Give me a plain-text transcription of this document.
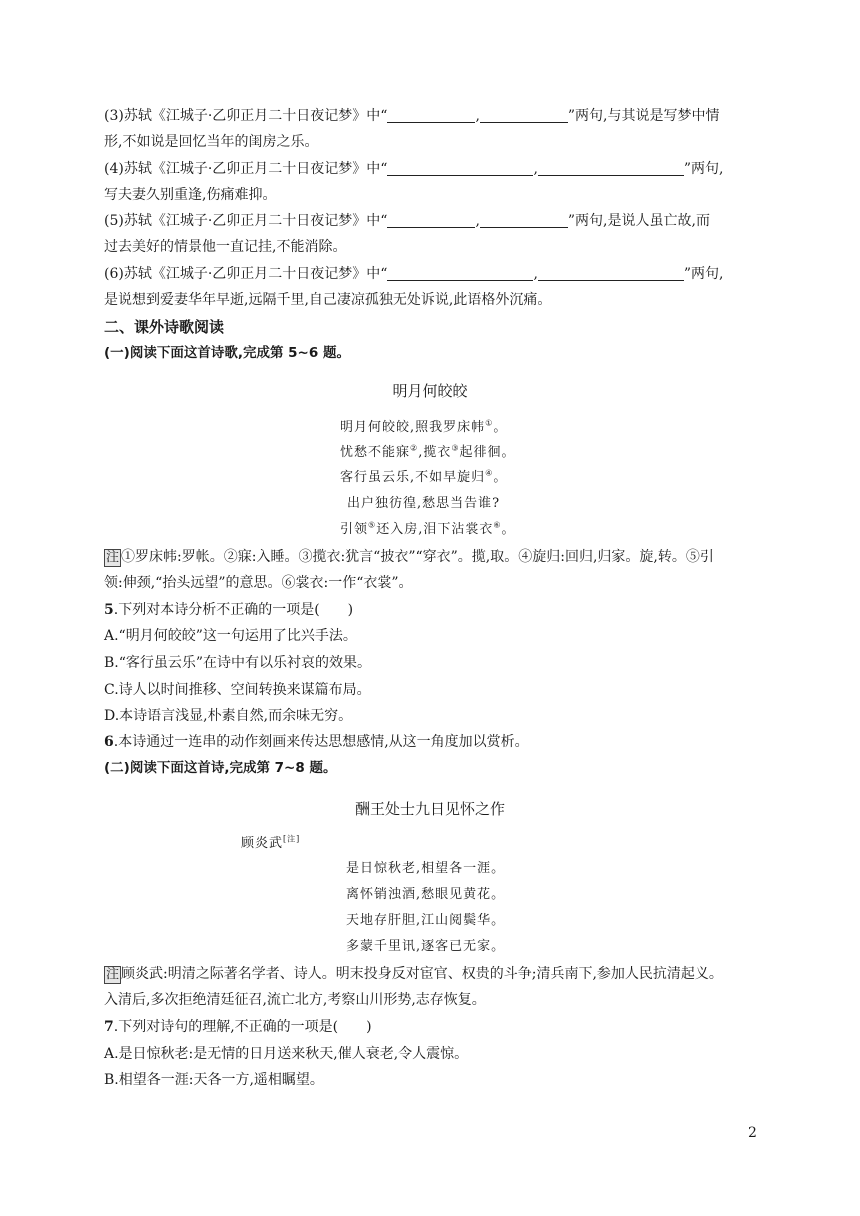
(3)苏轼《江城子·乙卯正月二十日夜记梦》中“	,	”两句,与其说是写梦中情
形,不如说是回忆当年的闺房之乐。
(4)苏轼《江城子·乙卯正月二十日夜记梦》中“	,	”两句,
写夫妻久别重逢,伤痛难抑。
(5)苏轼《江城子·乙卯正月二十日夜记梦》中“	,	”两句,是说人虽亡故,而
过去美好的情景他一直记挂,不能消除。
(6)苏轼《江城子·乙卯正月二十日夜记梦》中“	,	”两句,
是说想到爱妻华年早逝,远隔千里,自己凄凉孤独无处诉说,此语格外沉痛。
二、课外诗歌阅读
(一)阅读下面这首诗歌,完成第 5~6 题。
明月何皎皎
明月何皎皎,照我罗床帏①。
忧愁不能寐②,揽衣③起徘徊。
客行虽云乐,不如早旋归④。
出户独彷徨,愁思当告谁?
引领⑤还入房,泪下沾裳衣⑥。
注 ①罗床帏:罗帐。②寐:入睡。③揽衣:犹言“披衣”“穿衣”。揽,取。④旋归:回归,归家。旋,转。⑤引
领:伸颈,“抬头远望”的意思。⑥裳衣:一作“衣裳”。
5.下列对本诗分析不正确的一项是(　　)
A.“明月何皎皎”这一句运用了比兴手法。
B.“客行虽云乐”在诗中有以乐衬哀的效果。
C.诗人以时间推移、空间转换来谋篇布局。
D.本诗语言浅显,朴素自然,而余味无穷。
6.本诗通过一连串的动作刻画来传达思想感情,从这一角度加以赏析。
(二)阅读下面这首诗,完成第 7~8 题。
酬王处士九日见怀之作
顾炎武[注]
是日惊秋老,相望各一涯。
离怀销浊酒,愁眼见黄花。
天地存肝胆,江山阅鬓华。
多蒙千里讯,逐客已无家。
注 顾炎武:明清之际著名学者、诗人。明末投身反对宦官、权贵的斗争;清兵南下,参加人民抗清起义。
入清后,多次拒绝清廷征召,流亡北方,考察山川形势,志存恢复。
7.下列对诗句的理解,不正确的一项是(　　)
A.是日惊秋老:是无情的日月送来秋天,催人衰老,令人震惊。
B.相望各一涯:天各一方,遥相瞩望。
2
